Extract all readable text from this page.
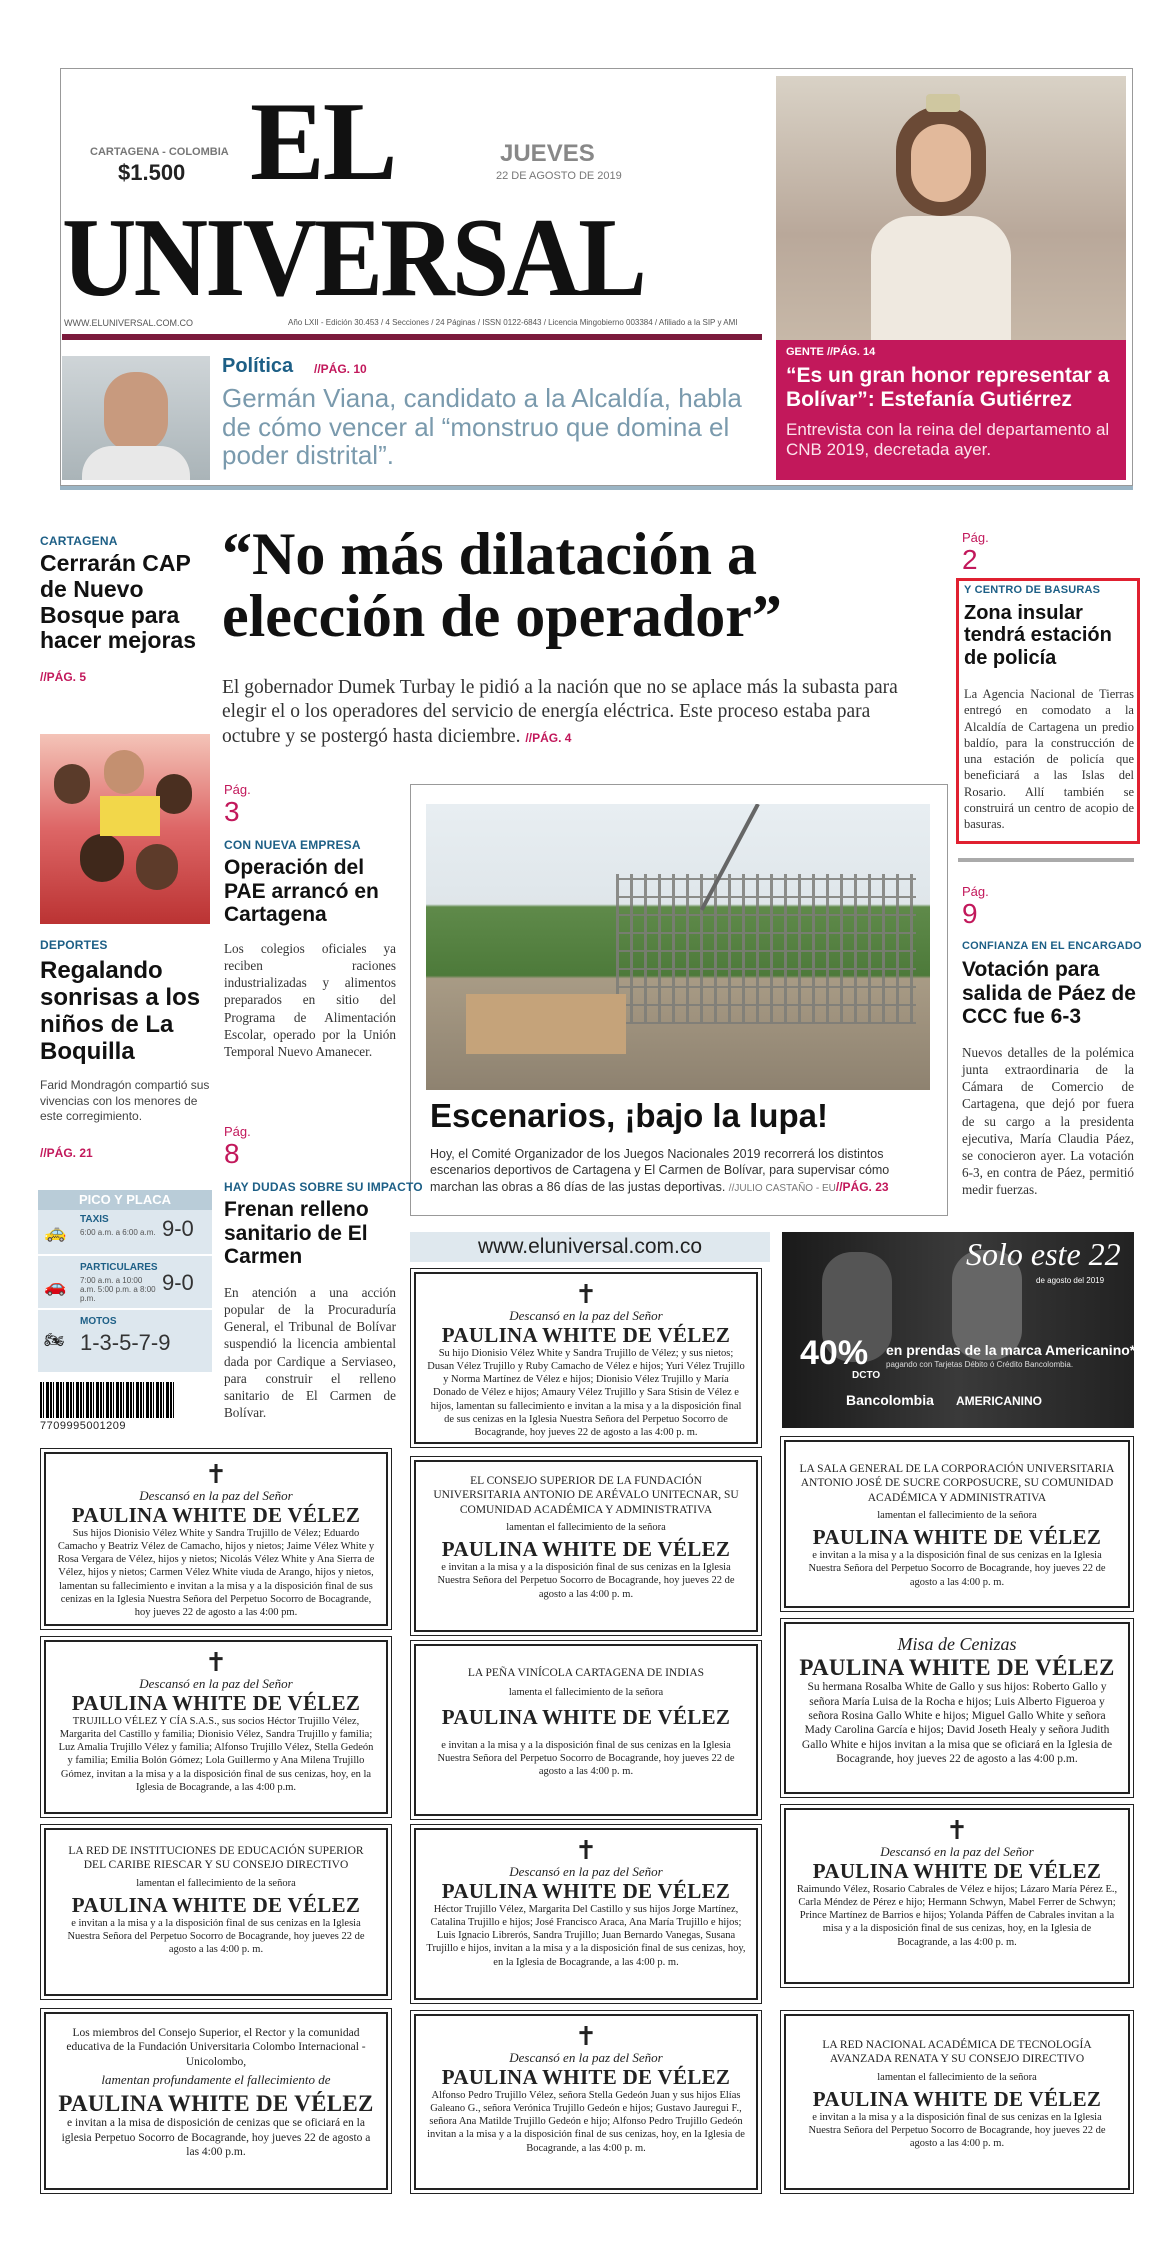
CARTAGENA - COLOMBIA
$1.500 EL
UNIVERSAL
JUEVES
22 DE AGOSTO DE 2019
WWW.ELUNIVERSAL.COM.CO	Año LXII - Edición 30.453 / 4 Secciones / 24 Páginas / ISSN 0122-6843 / Licencia Mingobierno 003384 / Afiliado a la SIP y AMI
GENTE //PÁG. 14
“Es un gran honor representar a Bolívar”: Estefanía Gutiérrez
Entrevista con la reina del departamento al CNB 2019, decretada ayer.
Política //PÁG. 10
Germán Viana, candidato a la Alcaldía, habla de cómo vencer al “monstruo que domina el poder distrital”.
CARTAGENA
Cerrarán CAP de Nuevo Bosque para hacer mejoras
//PÁG. 5
DEPORTES
Regalando sonrisas a los niños de La Boquilla
Farid Mondragón compartió sus vivencias con los menores de este corregimiento.
//PÁG. 21
PICO Y PLACA
🚕
TAXIS
6:00 a.m. a 6:00 a.m. 9-0
🚗
PARTICULARES
7:00 a.m. a 10:00 a.m. 5:00 p.m. a 8:00 p.m.
9-0
🏍
MOTOS
1-3-5-7-9
7709995001209
“No más dilatación a elección de operador”
El gobernador Dumek Turbay le pidió a la nación que no se aplace más la subasta para elegir el o los operadores del servicio de energía eléctrica. Este proceso estaba para octubre y se postergó hasta diciembre. //PÁG. 4
Pág.
2
Y CENTRO DE BASURAS
Zona insular tendrá estación de policía
La Agencia Nacional de Tierras entregó en comodato a la Alcaldía de Cartagena un predio baldío, para la construcción de una estación de policía que beneficiará a las Islas del Rosario. Allí también se construirá un centro de acopio de basuras.
Pág.
3
CON NUEVA EMPRESA
Operación del PAE arrancó en Cartagena
Los colegios oficiales ya reciben raciones industrializadas y alimentos preparados en sitio del Programa de Alimentación Escolar, operado por la Unión Temporal Nuevo Amanecer.
Escenarios, ¡bajo la lupa!
Hoy, el Comité Organizador de los Juegos Nacionales 2019 recorrerá los distintos escenarios deportivos de Cartagena y El Carmen de Bolívar, para supervisar cómo marchan las obras a 86 días de las justas deportivas. //JULIO CASTAÑO - EU//PÁG. 23
Pág.
9
CONFIANZA EN EL ENCARGADO
Votación para salida de Páez de CCC fue 6-3
Nuevos detalles de la polémica junta extraordinaria de la Cámara de Comercio de Cartagena, que dejó por fuera de su cargo a la presidenta ejecutiva, María Claudia Páez, se conocieron ayer. La votación 6-3, en contra de Páez, permitió medir fuerzas.
Pág.
8
HAY DUDAS SOBRE SU IMPACTO
Frenan relleno sanitario de El Carmen
En atención a una acción popular de la Procuraduría General, el Tribunal de Bolívar suspendió la licencia ambiental dada por Cardique a Serviaseo, para construir el relleno sanitario de El Carmen de Bolívar.
www.eluniversal.com.co	Solo este 22
de agosto del 2019
40%
DCTO
en prendas de la marca Americanino*
pagando con Tarjetas Débito ó Crédito Bancolombia.
Bancolombia AMERICANINO
✝
Descansó en la paz del Señor
PAULINA WHITE DE VÉLEZ
Sus hijos Dionisio Vélez White y Sandra Trujillo de Vélez; Eduardo Camacho y Beatriz Vélez de Camacho, hijos y nietos; Jaime Vélez White y Rosa Vergara de Vélez, hijos y nietos; Nicolás Vélez White y Ana Sierra de Vélez, hijos y nietos; Carmen Vélez White viuda de Arango, hijos y nietos, lamentan su fallecimiento e invitan a la misa y a la disposición final de sus cenizas en la Iglesia Nuestra Señora del Perpetuo Socorro de Bocagrande, hoy jueves 22 de agosto a las 4:00 pm.
✝
Descansó en la paz del Señor
PAULINA WHITE DE VÉLEZ
TRUJILLO VÉLEZ Y CÍA S.A.S., sus socios Héctor Trujillo Vélez, Margarita del Castillo y familia; Dionisio Vélez, Sandra Trujillo y familia; Luz Amalia Trujillo Vélez y familia; Alfonso Trujillo Vélez, Stella Gedeón y familia; Emilia Bolón Gómez; Lola Guillermo y Ana Milena Trujillo Gómez, invitan a la misa y a la disposición final de sus cenizas, hoy, en la Iglesia de Bocagrande, a las 4:00 p.m.
LA RED DE INSTITUCIONES DE EDUCACIÓN SUPERIOR DEL CARIBE RIESCAR Y SU CONSEJO DIRECTIVO
lamentan el fallecimiento de la señora
PAULINA WHITE DE VÉLEZ
e invitan a la misa y a la disposición final de sus cenizas en la Iglesia Nuestra Señora del Perpetuo Socorro de Bocagrande, hoy jueves 22 de agosto a las 4:00 p. m.
Los miembros del Consejo Superior, el Rector y la comunidad educativa de la Fundación Universitaria Colombo Internacional - Unicolombo,
lamentan profundamente el fallecimiento de
PAULINA WHITE DE VÉLEZ
e invitan a la misa de disposición de cenizas que se oficiará en la iglesia Perpetuo Socorro de Bocagrande, hoy jueves 22 de agosto a las 4:00 p.m.
✝
Descansó en la paz del Señor
PAULINA WHITE DE VÉLEZ
Su hijo Dionisio Vélez White y Sandra Trujillo de Vélez; y sus nietos; Dusan Vélez Trujillo y Ruby Camacho de Vélez e hijos; Yuri Vélez Trujillo y Norma Martínez de Vélez e hijos; Dionisio Vélez Trujillo y María Donado de Vélez e hijos; Amaury Vélez Trujillo y Sara Stisin de Vélez e hijos, lamentan su fallecimiento e invitan a la misa y a la disposición final de sus cenizas en la Iglesia Nuestra Señora del Perpetuo Socorro de Bocagrande, hoy jueves 22 de agosto a las 4:00 p. m.
EL CONSEJO SUPERIOR DE LA FUNDACIÓN UNIVERSITARIA ANTONIO DE ARÉVALO UNITECNAR, SU COMUNIDAD ACADÉMICA Y ADMINISTRATIVA
lamentan el fallecimiento de la señora
PAULINA WHITE DE VÉLEZ
e invitan a la misa y a la disposición final de sus cenizas en la Iglesia Nuestra Señora del Perpetuo Socorro de Bocagrande, hoy jueves 22 de agosto a las 4:00 p. m.
LA PEÑA VINÍCOLA CARTAGENA DE INDIAS
lamenta el fallecimiento de la señora
PAULINA WHITE DE VÉLEZ
e invitan a la misa y a la disposición final de sus cenizas en la Iglesia Nuestra Señora del Perpetuo Socorro de Bocagrande, hoy jueves 22 de agosto a las 4:00 p. m.
✝
Descansó en la paz del Señor
PAULINA WHITE DE VÉLEZ
Héctor Trujillo Vélez, Margarita Del Castillo y sus hijos Jorge Martínez, Catalina Trujillo e hijos; José Francisco Araca, Ana María Trujillo e hijos; Luis Ignacio Librerós, Sandra Trujillo; Juan Bernardo Vanegas, Susana Trujillo e hijos, invitan a la misa y a la disposición final de sus cenizas, hoy, en la Iglesia de Bocagrande, a las 4:00 p. m.
✝
Descansó en la paz del Señor
PAULINA WHITE DE VÉLEZ
Alfonso Pedro Trujillo Vélez, señora Stella Gedeón Juan y sus hijos Elías Galeano G., señora Verónica Trujillo Gedeón e hijos; Gustavo Jauregui F., señora Ana Matilde Trujillo Gedeón e hijo; Alfonso Pedro Trujillo Gedeón invitan a la misa y a la disposición final de sus cenizas, hoy, en la Iglesia de Bocagrande, a las 4:00 p. m.
LA SALA GENERAL DE LA CORPORACIÓN UNIVERSITARIA ANTONIO JOSÉ DE SUCRE CORPOSUCRE, SU COMUNIDAD ACADÉMICA Y ADMINISTRATIVA
lamentan el fallecimiento de la señora
PAULINA WHITE DE VÉLEZ
e invitan a la misa y a la disposición final de sus cenizas en la Iglesia Nuestra Señora del Perpetuo Socorro de Bocagrande, hoy jueves 22 de agosto a las 4:00 p. m.
Misa de Cenizas
PAULINA WHITE DE VÉLEZ
Su hermana Rosalba White de Gallo y sus hijos: Roberto Gallo y señora María Luisa de la Rocha e hijos; Luis Alberto Figueroa y señora Rosina Gallo White e hijos; Miguel Gallo White y señora Mady Carolina García e hijos; David Joseth Healy y señora Judith Gallo White e hijos invitan a la misa que se oficiará en la Iglesia de Bocagrande, hoy jueves 22 de agosto a las 4:00 p.m.
✝
Descansó en la paz del Señor
PAULINA WHITE DE VÉLEZ
Raimundo Vélez, Rosario Cabrales de Vélez e hijos; Lázaro María Pérez E., Carla Méndez de Pérez e hijo; Hermann Schwyn, Mabel Ferrer de Schwyn; Prince Martínez de Barrios e hijos; Yolanda Páffen de Cabrales invitan a la misa y a la disposición final de sus cenizas, hoy, en la Iglesia de Bocagrande, a las 4:00 p. m.
LA RED NACIONAL ACADÉMICA DE TECNOLOGÍA AVANZADA RENATA Y SU CONSEJO DIRECTIVO
lamentan el fallecimiento de la señora
PAULINA WHITE DE VÉLEZ
e invitan a la misa y a la disposición final de sus cenizas en la Iglesia Nuestra Señora del Perpetuo Socorro de Bocagrande, hoy jueves 22 de agosto a las 4:00 p. m.
